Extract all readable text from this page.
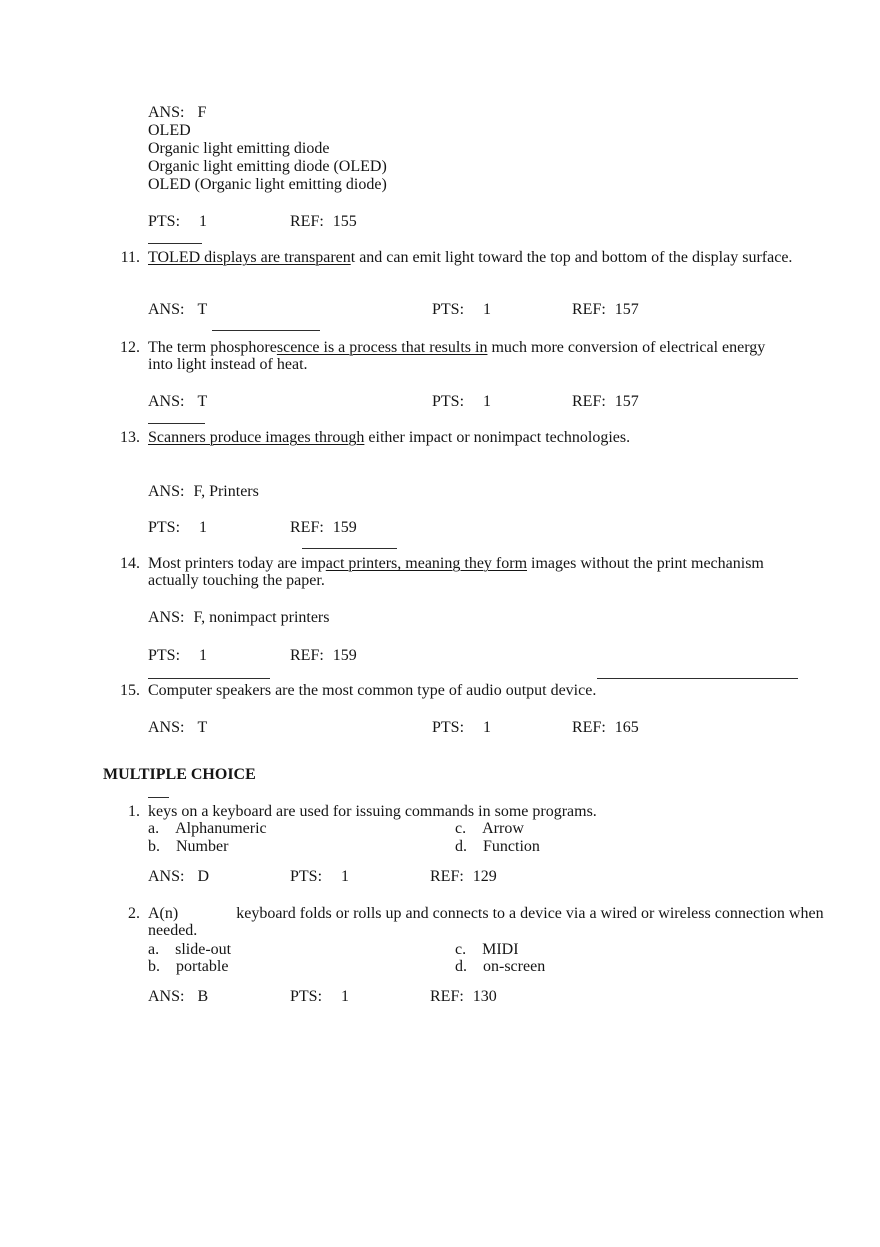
ANS: F
OLED
Organic light emitting diode
Organic light emitting diode (OLED)
OLED (Organic light emitting diode)
PTS: 1	REF: 155
11. TOLED displays are transparent and can emit light toward the top and bottom of the display surface.
ANS: T	PTS: 1	REF: 157
12. The term phosphorescence is a process that results in much more conversion of electrical energy
into light instead of heat.
ANS: T	PTS: 1	REF: 157
13. Scanners produce images through either impact or nonimpact technologies.
ANS: F, Printers
PTS: 1	REF: 159
14. Most printers today are impact printers, meaning they form images without the print mechanism
actually touching the paper.
ANS: F, nonimpact printers
PTS: 1	REF: 159
15. Computer speakers are the most common type of audio output device.
ANS: T	PTS: 1	REF: 165
MULTIPLE CHOICE
1. keys on a keyboard are used for issuing commands in some programs.
a. Alphanumeric	c. Arrow
b. Number	d. Function
ANS: D	PTS: 1	REF: 129
2. A(n)	keyboard folds or rolls up and connects to a device via a wired or wireless connection when
needed.
a. slide-out	c. MIDI
b. portable	d. on-screen
ANS: B	PTS: 1	REF: 130
